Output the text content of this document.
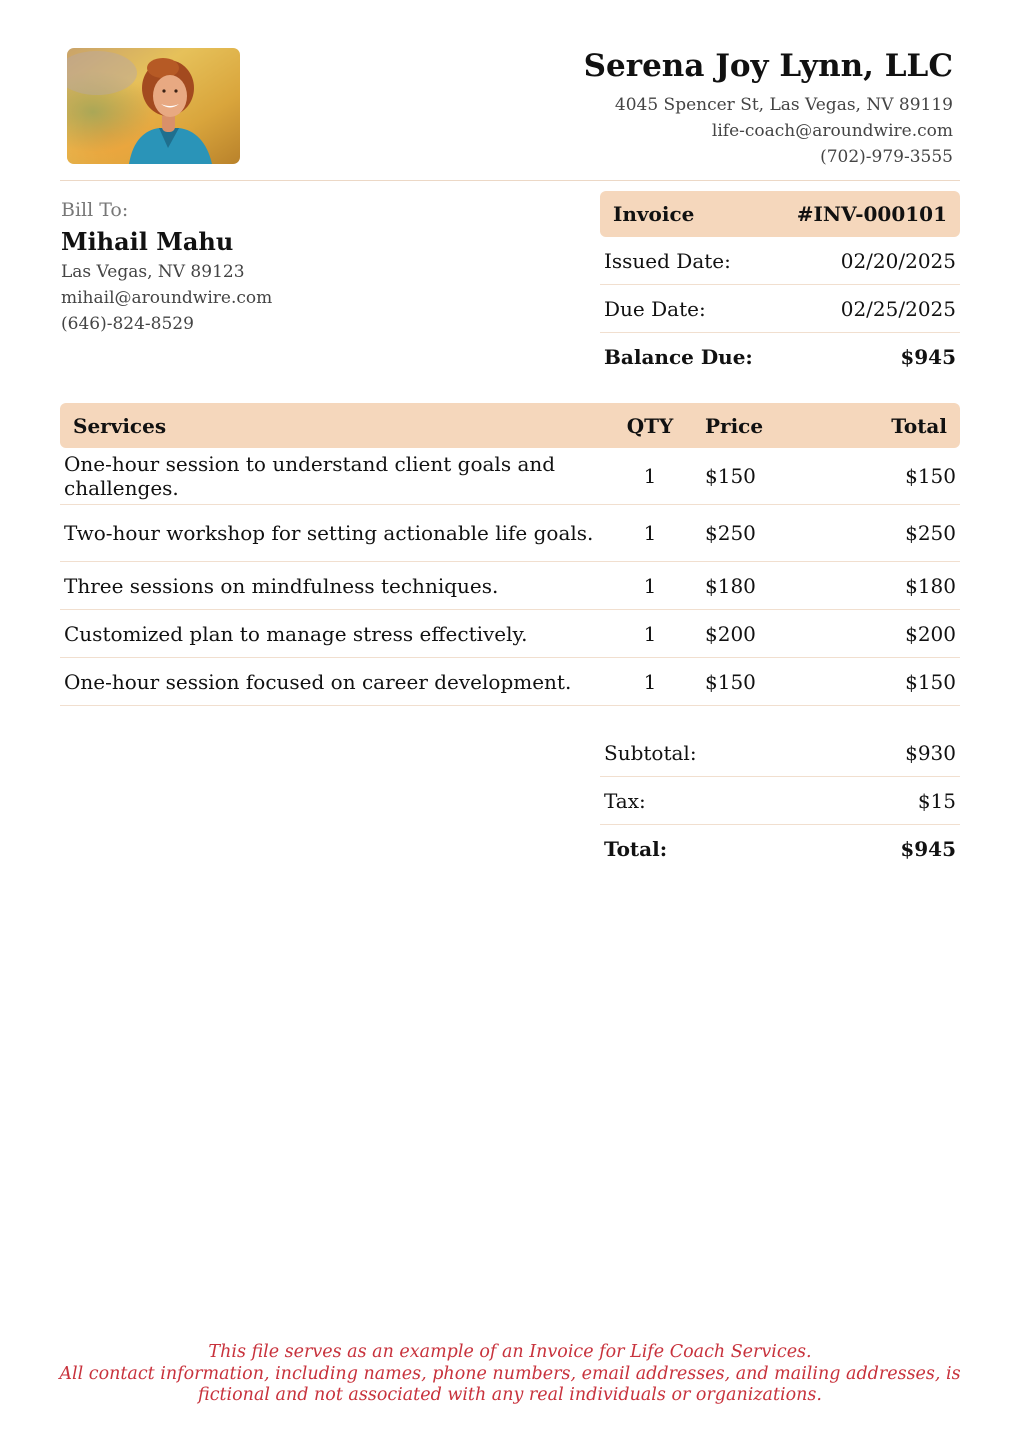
Serena Joy Lynn, LLC
4045 Spencer St, Las Vegas, NV 89119
life-coach@aroundwire.com
(702)-979-3555
Bill To:
Mihail Mahu
Las Vegas, NV 89123
mihail@aroundwire.com
(646)-824-8529
Invoice	#INV-000101
Issued Date:	02/20/2025
Due Date:	02/25/2025
Balance Due:	$945
Services	QTY	Price	Total
One-hour session to understand client goals and challenges.	1	$150	$150
Two-hour workshop for setting actionable life goals.	1	$250	$250
Three sessions on mindfulness techniques.	1	$180	$180
Customized plan to manage stress effectively.	1	$200	$200
One-hour session focused on career development.	1	$150	$150
Subtotal:	$930
Tax:	$15
Total:	$945
This file serves as an example of an Invoice for Life Coach Services.
All contact information, including names, phone numbers, email addresses, and mailing addresses, is
fictional and not associated with any real individuals or organizations.
